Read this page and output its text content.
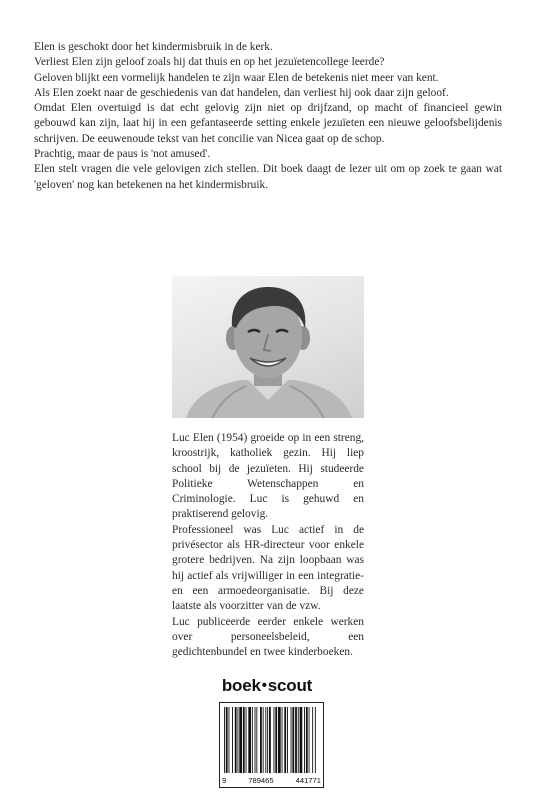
Elen is geschokt door het kindermisbruik in de kerk.

Verliest Elen zijn geloof zoals hij dat thuis en op het jezuïetencollege leerde?

Geloven blijkt een vormelijk handelen te zijn waar Elen de betekenis niet meer van kent.

Als Elen zoekt naar de geschiedenis van dat handelen, dan verliest hij ook daar zijn geloof.

Omdat Elen overtuigd is dat echt gelovig zijn niet op drijfzand, op macht of financieel gewin gebouwd kan zijn, laat hij in een gefantaseerde setting enkele jezuïeten een nieuwe geloofsbelijdenis schrijven. De eeuwenoude tekst van het concilie van Nicea gaat op de schop.

Prachtig, maar de paus is 'not amused'.

Elen stelt vragen die vele gelovigen zich stellen. Dit boek daagt de lezer uit om op zoek te gaan wat 'geloven' nog kan betekenen na het kindermisbruik.

Luc Elen (1954) groeide op in een streng, kroostrijk, katholiek gezin. Hij liep school bij de jezuïeten. Hij studeerde Politieke Wetenschappen en Criminologie. Luc is gehuwd en praktiserend gelovig.

Professioneel was Luc actief in de privésector als HR-directeur voor enkele grotere bedrijven. Na zijn loopbaan was hij actief als vrijwilliger in een integratie- en een armoedeorganisatie. Bij deze laatste als voorzitter van de vzw.

Luc publiceerde eerder enkele werken over personeelsbeleid, een gedichtenbundel en twee kinderboeken.

boek•scout
9	789465	441771
